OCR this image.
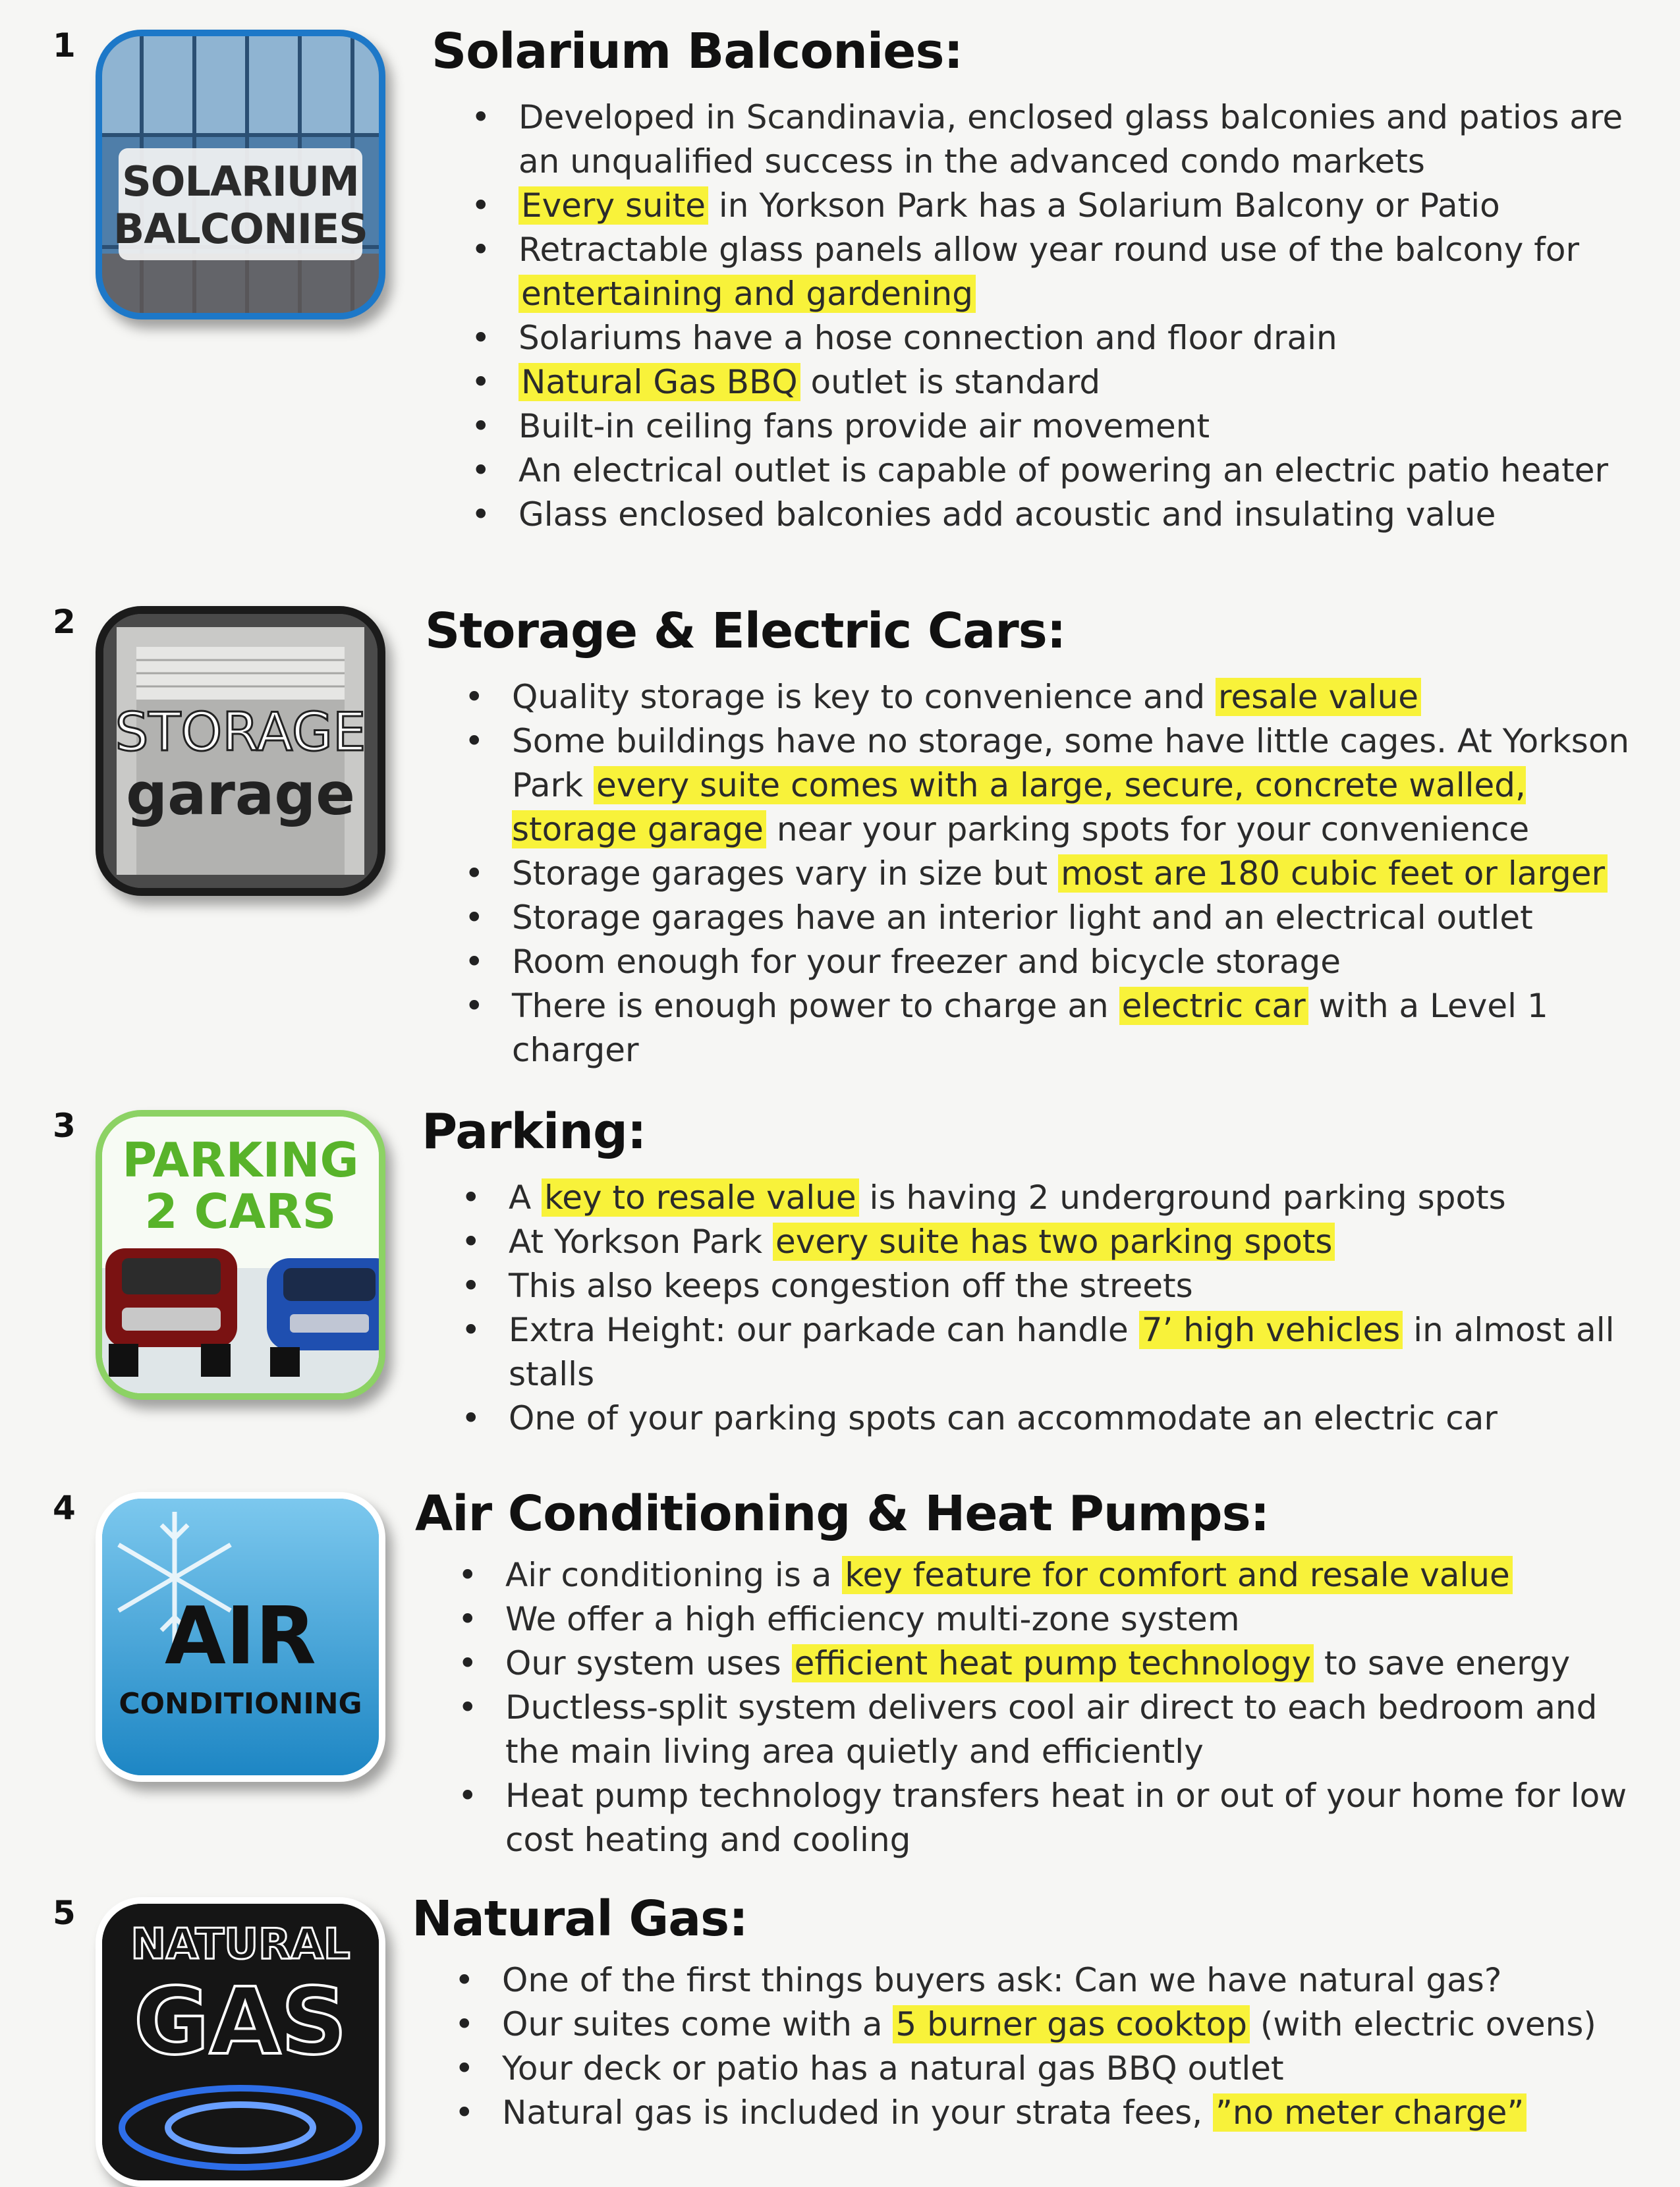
1
SOLARIUM
BALCONIES
Solarium Balconies:
• Developed in Scandinavia, enclosed glass balconies and patios are an unqualified success in the advanced condo markets
• Every suite in Yorkson Park has a Solarium Balcony or Patio
• Retractable glass panels allow year round use of the balcony for entertaining and gardening
• Solariums have a hose connection and floor drain
• Natural Gas BBQ outlet is standard
• Built-in ceiling fans provide air movement
• An electrical outlet is capable of powering an electric patio heater
• Glass enclosed balconies add acoustic and insulating value
2
STORAGE
garage
Storage & Electric Cars:
• Quality storage is key to convenience and resale value
• Some buildings have no storage, some have little cages. At Yorkson Park every suite comes with a large, secure, concrete walled, storage garage near your parking spots for your convenience
• Storage garages vary in size but most are 180 cubic feet or larger
• Storage garages have an interior light and an electrical outlet
• Room enough for your freezer and bicycle storage
• There is enough power to charge an electric car with a Level 1 charger
3
PARKING
2 CARS
Parking:
• A key to resale value is having 2 underground parking spots
• At Yorkson Park every suite has two parking spots
• This also keeps congestion off the streets
• Extra Height: our parkade can handle 7’ high vehicles in almost all stalls
• One of your parking spots can accommodate an electric car
4
AIR
CONDITIONING
Air Conditioning & Heat Pumps:
• Air conditioning is a key feature for comfort and resale value
• We offer a high efficiency multi-zone system
• Our system uses efficient heat pump technology to save energy
• Ductless-split system delivers cool air direct to each bedroom and the main living area quietly and efficiently
• Heat pump technology transfers heat in or out of your home for low cost heating and cooling
5
NATURAL
GAS
Natural Gas:
• One of the first things buyers ask: Can we have natural gas?
• Our suites come with a 5 burner gas cooktop (with electric ovens)
• Your deck or patio has a natural gas BBQ outlet
• Natural gas is included in your strata fees, ”no meter charge”
